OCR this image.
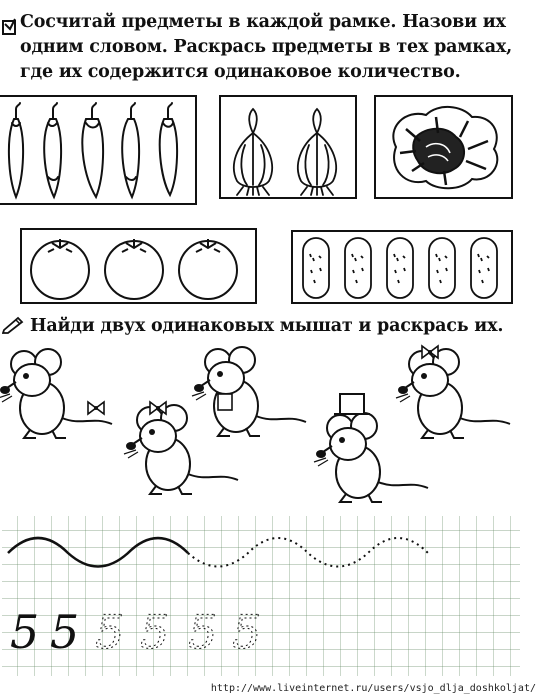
Сосчитай предметы в каждой рамке. Назови их
одним словом. Раскрась предметы в тех рамках,
где их содержится одинаковое количество.
Найди двух одинаковых мышат и раскрась их.
5 5 5 5 5 5
http://www.liveinternet.ru/users/vsjo_dlja_doshkoljat/
